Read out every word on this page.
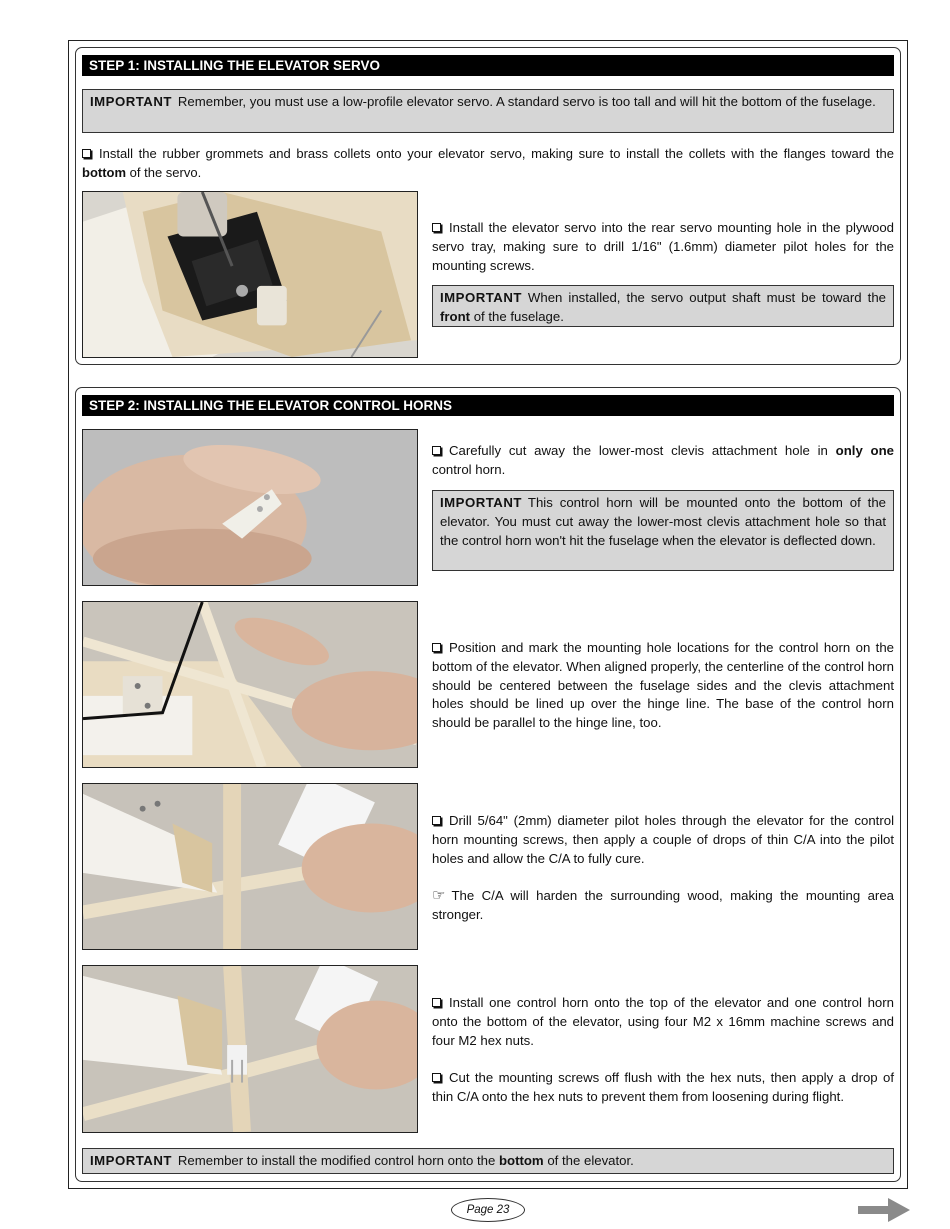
STEP 1: INSTALLING THE ELEVATOR SERVO
IMPORTANT Remember, you must use a low-profile elevator servo. A standard servo is too tall and will hit the bottom of the fuselage.
Install the rubber grommets and brass collets onto your elevator servo, making sure to install the collets with the flanges toward the bottom of the servo.
Install the elevator servo into the rear servo mounting hole in the plywood servo tray, making sure to drill 1/16" (1.6mm) diameter pilot holes for the mounting screws.
IMPORTANT When installed, the servo output shaft must be toward the front of the fuselage.
STEP 2: INSTALLING THE ELEVATOR CONTROL HORNS
Carefully cut away the lower-most clevis attachment hole in only one control horn.
IMPORTANT This control horn will be mounted onto the bottom of the elevator. You must cut away the lower-most clevis attachment hole so that the control horn won't hit the fuselage when the elevator is deflected down.
Position and mark the mounting hole locations for the control horn on the bottom of the elevator. When aligned properly, the centerline of the control horn should be centered between the fuselage sides and the clevis attachment holes should be lined up over the hinge line. The base of the control horn should be parallel to the hinge line, too.
Drill 5/64" (2mm) diameter pilot holes through the elevator for the control horn mounting screws, then apply a couple of drops of thin C/A into the pilot holes and allow the C/A to fully cure.
☞ The C/A will harden the surrounding wood, making the mounting area stronger.
Install one control horn onto the top of the elevator and one control horn onto the bottom of the elevator, using four M2 x 16mm machine screws and four M2 hex nuts.
Cut the mounting screws off flush with the hex nuts, then apply a drop of thin C/A onto the hex nuts to prevent them from loosening during flight.
IMPORTANT Remember to install the modified control horn onto the bottom of the elevator.
Page 23
